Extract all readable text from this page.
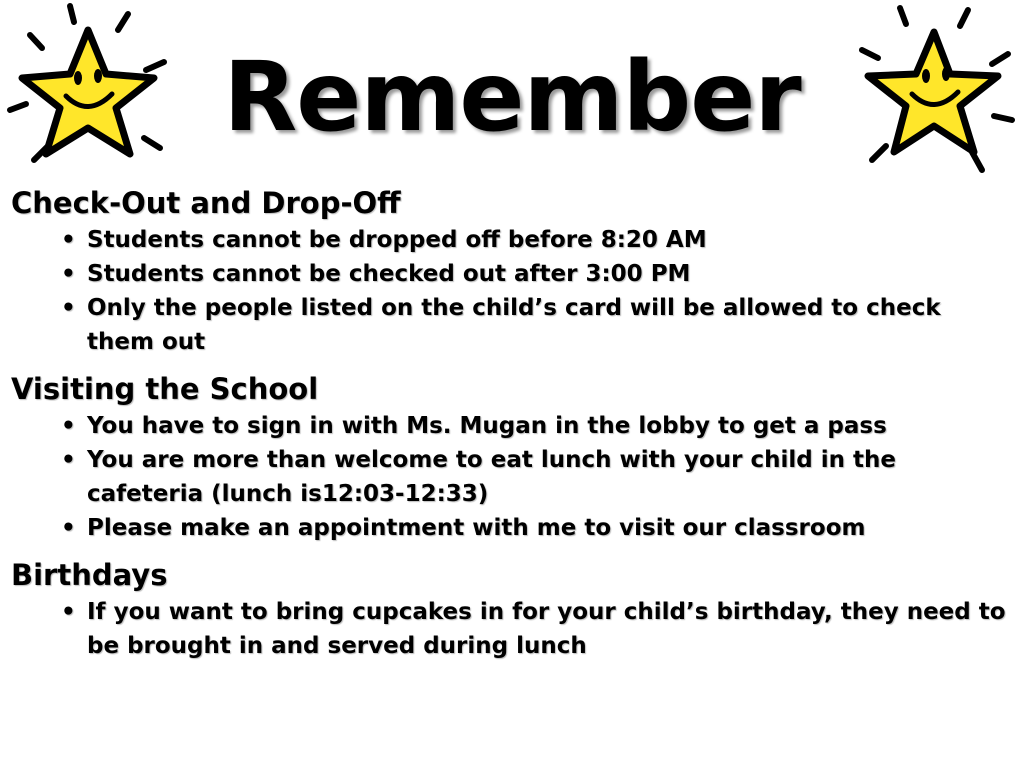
Remember
Check-Out and Drop-Off
• Students cannot be dropped off before 8:20 AM
• Students cannot be checked out after 3:00 PM
• Only the people listed on the child’s card will be allowed to check them out
Visiting the School
• You have to sign in with Ms. Mugan in the lobby to get a pass
• You are more than welcome to eat lunch with your child in the cafeteria (lunch is12:03-12:33)
• Please make an appointment with me to visit our classroom
Birthdays
• If you want to bring cupcakes in for your child’s birthday, they need to be brought in and served during lunch
